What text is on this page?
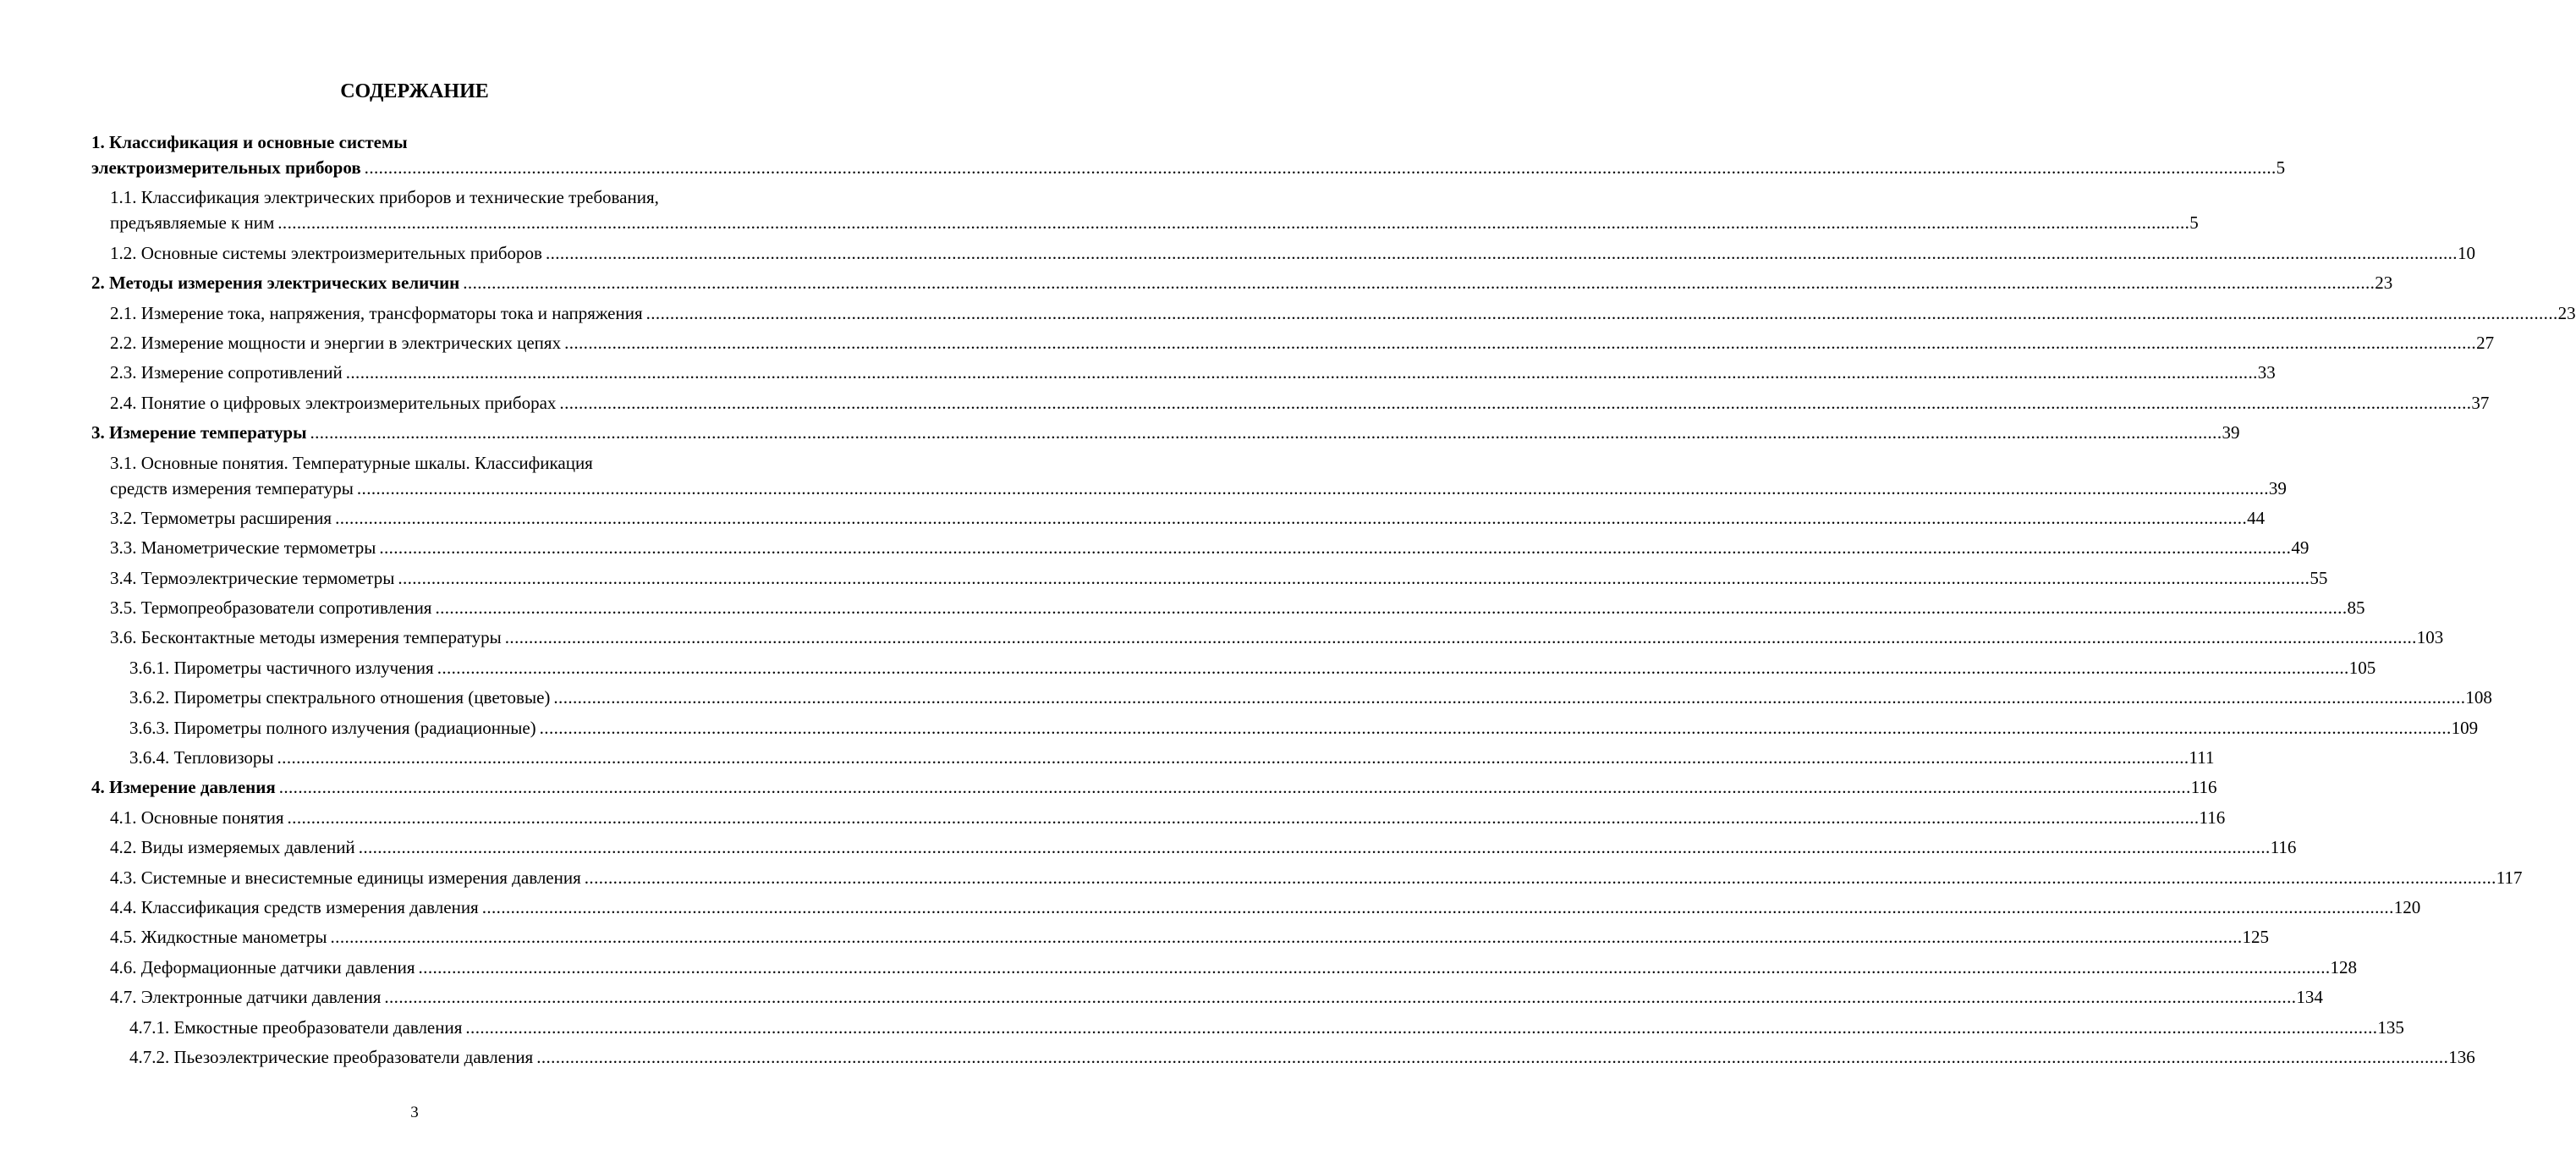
СОДЕРЖАНИЕ
1. Классификация и основные системы
электроизмерительных приборов ................................................................................................................................................................................................................................................................................................................................................................................................................ 5
1.1. Классификация электрических приборов и технические требования,
предъявляемые к ним ................................................................................................................................................................................................................................................................................................................................................................................................................ 5
1.2. Основные системы электроизмерительных приборов ................................................................................................................................................................................................................................................................................................................................................................................................................ 10
2. Методы измерения электрических величин ................................................................................................................................................................................................................................................................................................................................................................................................................ 23
2.1. Измерение тока, напряжения, трансформаторы тока и напряжения ................................................................................................................................................................................................................................................................................................................................................................................................................ 23
2.2. Измерение мощности и энергии в электрических цепях ................................................................................................................................................................................................................................................................................................................................................................................................................ 27
2.3. Измерение сопротивлений ................................................................................................................................................................................................................................................................................................................................................................................................................ 33
2.4. Понятие о цифровых электроизмерительных приборах ................................................................................................................................................................................................................................................................................................................................................................................................................ 37
3. Измерение температуры ................................................................................................................................................................................................................................................................................................................................................................................................................ 39
3.1. Основные понятия. Температурные шкалы. Классификация
средств измерения температуры ................................................................................................................................................................................................................................................................................................................................................................................................................ 39
3.2. Термометры расширения ................................................................................................................................................................................................................................................................................................................................................................................................................ 44
3.3. Манометрические термометры ................................................................................................................................................................................................................................................................................................................................................................................................................ 49
3.4. Термоэлектрические термометры ................................................................................................................................................................................................................................................................................................................................................................................................................ 55
3.5. Термопреобразователи сопротивления ................................................................................................................................................................................................................................................................................................................................................................................................................ 85
3.6. Бесконтактные методы измерения температуры ................................................................................................................................................................................................................................................................................................................................................................................................................ 103
3.6.1. Пирометры частичного излучения ................................................................................................................................................................................................................................................................................................................................................................................................................ 105
3.6.2. Пирометры спектрального отношения (цветовые) ................................................................................................................................................................................................................................................................................................................................................................................................................ 108
3.6.3. Пирометры полного излучения (радиационные) ................................................................................................................................................................................................................................................................................................................................................................................................................ 109
3.6.4. Тепловизоры ................................................................................................................................................................................................................................................................................................................................................................................................................ 111
4. Измерение давления ................................................................................................................................................................................................................................................................................................................................................................................................................ 116
4.1. Основные понятия ................................................................................................................................................................................................................................................................................................................................................................................................................ 116
4.2. Виды измеряемых давлений ................................................................................................................................................................................................................................................................................................................................................................................................................ 116
4.3. Системные и внесистемные единицы измерения давления ................................................................................................................................................................................................................................................................................................................................................................................................................ 117
4.4. Классификация средств измерения давления ................................................................................................................................................................................................................................................................................................................................................................................................................ 120
4.5. Жидкостные манометры ................................................................................................................................................................................................................................................................................................................................................................................................................ 125
4.6. Деформационные датчики давления ................................................................................................................................................................................................................................................................................................................................................................................................................ 128
4.7. Электронные датчики давления ................................................................................................................................................................................................................................................................................................................................................................................................................ 134
4.7.1. Емкостные преобразователи давления ................................................................................................................................................................................................................................................................................................................................................................................................................ 135
4.7.2. Пьезоэлектрические преобразователи давления ................................................................................................................................................................................................................................................................................................................................................................................................................ 136
3
